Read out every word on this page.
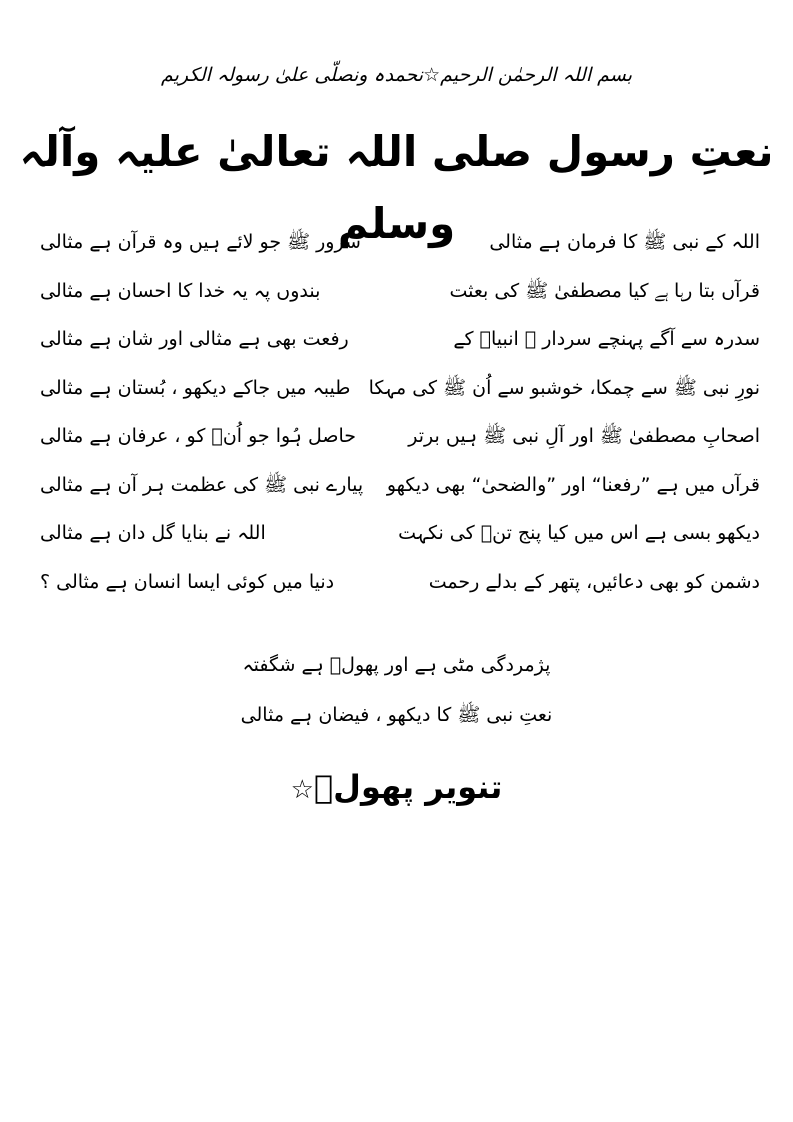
بسم اللہ الرحمٰن الرحیم☆نحمدہ ونصلّی علیٰ رسولہ الکریم
نعتِ رسول صلی اللہ تعالیٰ علیہ وآلہ وسلم	اللہ کے نبی ﷺ کا فرمان ہے مثالی
سرور ﷺ جو لائے ہیں وہ قرآن ہے مثالی
قرآں بتا رہا ہے کیا مصطفیٰ ﷺ کی بعثت
بندوں پہ یہ خدا کا احسان ہے مثالی
سدرہ سے آگے پہنچے سردار ﷺ انبیاؑ کے
رفعت بھی ہے مثالی اور شان ہے مثالی
نورِ نبی ﷺ سے چمکا، خوشبو سے اُن ﷺ کی مہکا
طیبہ میں جاکے دیکھو ، بُستان ہے مثالی
اصحابِ مصطفیٰ ﷺ اور آلِ نبی ﷺ ہیں برتر
حاصل ہُوا جو اُنؓ کو ، عرفان ہے مثالی
قرآں میں ہے ”رفعنا“ اور ”والضحیٰ“ بھی دیکھو
پیارے نبی ﷺ کی عظمت ہر آن ہے مثالی
دیکھو بسی ہے اس میں کیا پنج تنؑ کی نکہت
اللہ نے بنایا گل دان ہے مثالی
دشمن کو بھی دعائیں، پتھر کے بدلے رحمت
دنیا میں کوئی ایسا انسان ہے مثالی ؟
پژمردگی مٹی ہے اور پھولؔ ہے شگفتہ
نعتِ نبی ﷺ کا دیکھو ، فیضان ہے مثالی
تنویر پھولؔ☆
